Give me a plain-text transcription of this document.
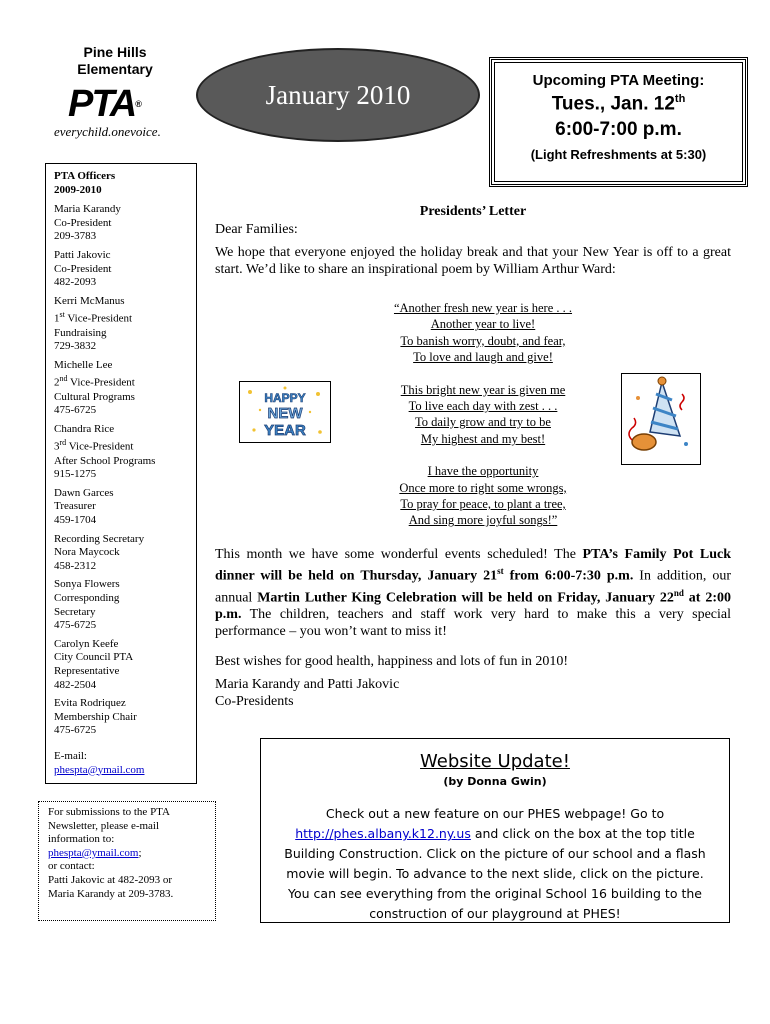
Pine Hills
Elementary
PTA®
everychild.onevoice.
January 2010	Upcoming PTA Meeting:
Tues., Jan. 12th
6:00-7:00 p.m.
(Light Refreshments at 5:30)
PTA Officers
2009-2010
Maria Karandy
Co-President
209-3783
Patti Jakovic
Co-President
482-2093
Kerri McManus
1st Vice-President
Fundraising
729-3832
Michelle Lee
2nd Vice-President
Cultural Programs
475-6725
Chandra Rice
3rd Vice-President
After School Programs
915-1275
Dawn Garces
Treasurer
459-1704
Recording Secretary
Nora Maycock
458-2312
Sonya Flowers
Corresponding
Secretary
475-6725
Carolyn Keefe
City Council PTA
Representative
482-2504
Evita Rodriquez
Membership Chair
475-6725
E-mail:
phespta@ymail.com
For submissions to the PTA
Newsletter, please e-mail
information to:
phespta@ymail.com;
or contact:
Patti Jakovic at 482-2093 or
Maria Karandy at 209-3783.
Presidents’ Letter
Dear Families:
We hope that everyone enjoyed the holiday break and that your New Year is off to a great start. We’d like to share an inspirational poem by William Arthur Ward:
“Another fresh new year is here . . .
Another year to live!
To banish worry, doubt, and fear,
To love and laugh and give!
This bright new year is given me
To live each day with zest . . .
To daily grow and try to be
My highest and my best!
I have the opportunity
Once more to right some wrongs,
To pray for peace, to plant a tree,
And sing more joyful songs!”
HAPPY
NEW
YEAR
This month we have some wonderful events scheduled! The PTA’s Family Pot Luck dinner will be held on Thursday, January 21st from 6:00-7:30 p.m. In addition, our annual Martin Luther King Celebration will be held on Friday, January 22nd at 2:00 p.m. The children, teachers and staff work very hard to make this a very special performance – you won’t want to miss it!
Best wishes for good health, happiness and lots of fun in 2010!
Maria Karandy and Patti Jakovic
Co-Presidents
Website Update!
(by Donna Gwin)
Check out a new feature on our PHES webpage! Go to http://phes.albany.k12.ny.us and click on the box at the top title Building Construction. Click on the picture of our school and a flash movie will begin. To advance to the next slide, click on the picture. You can see everything from the original School 16 building to the construction of our playground at PHES!
